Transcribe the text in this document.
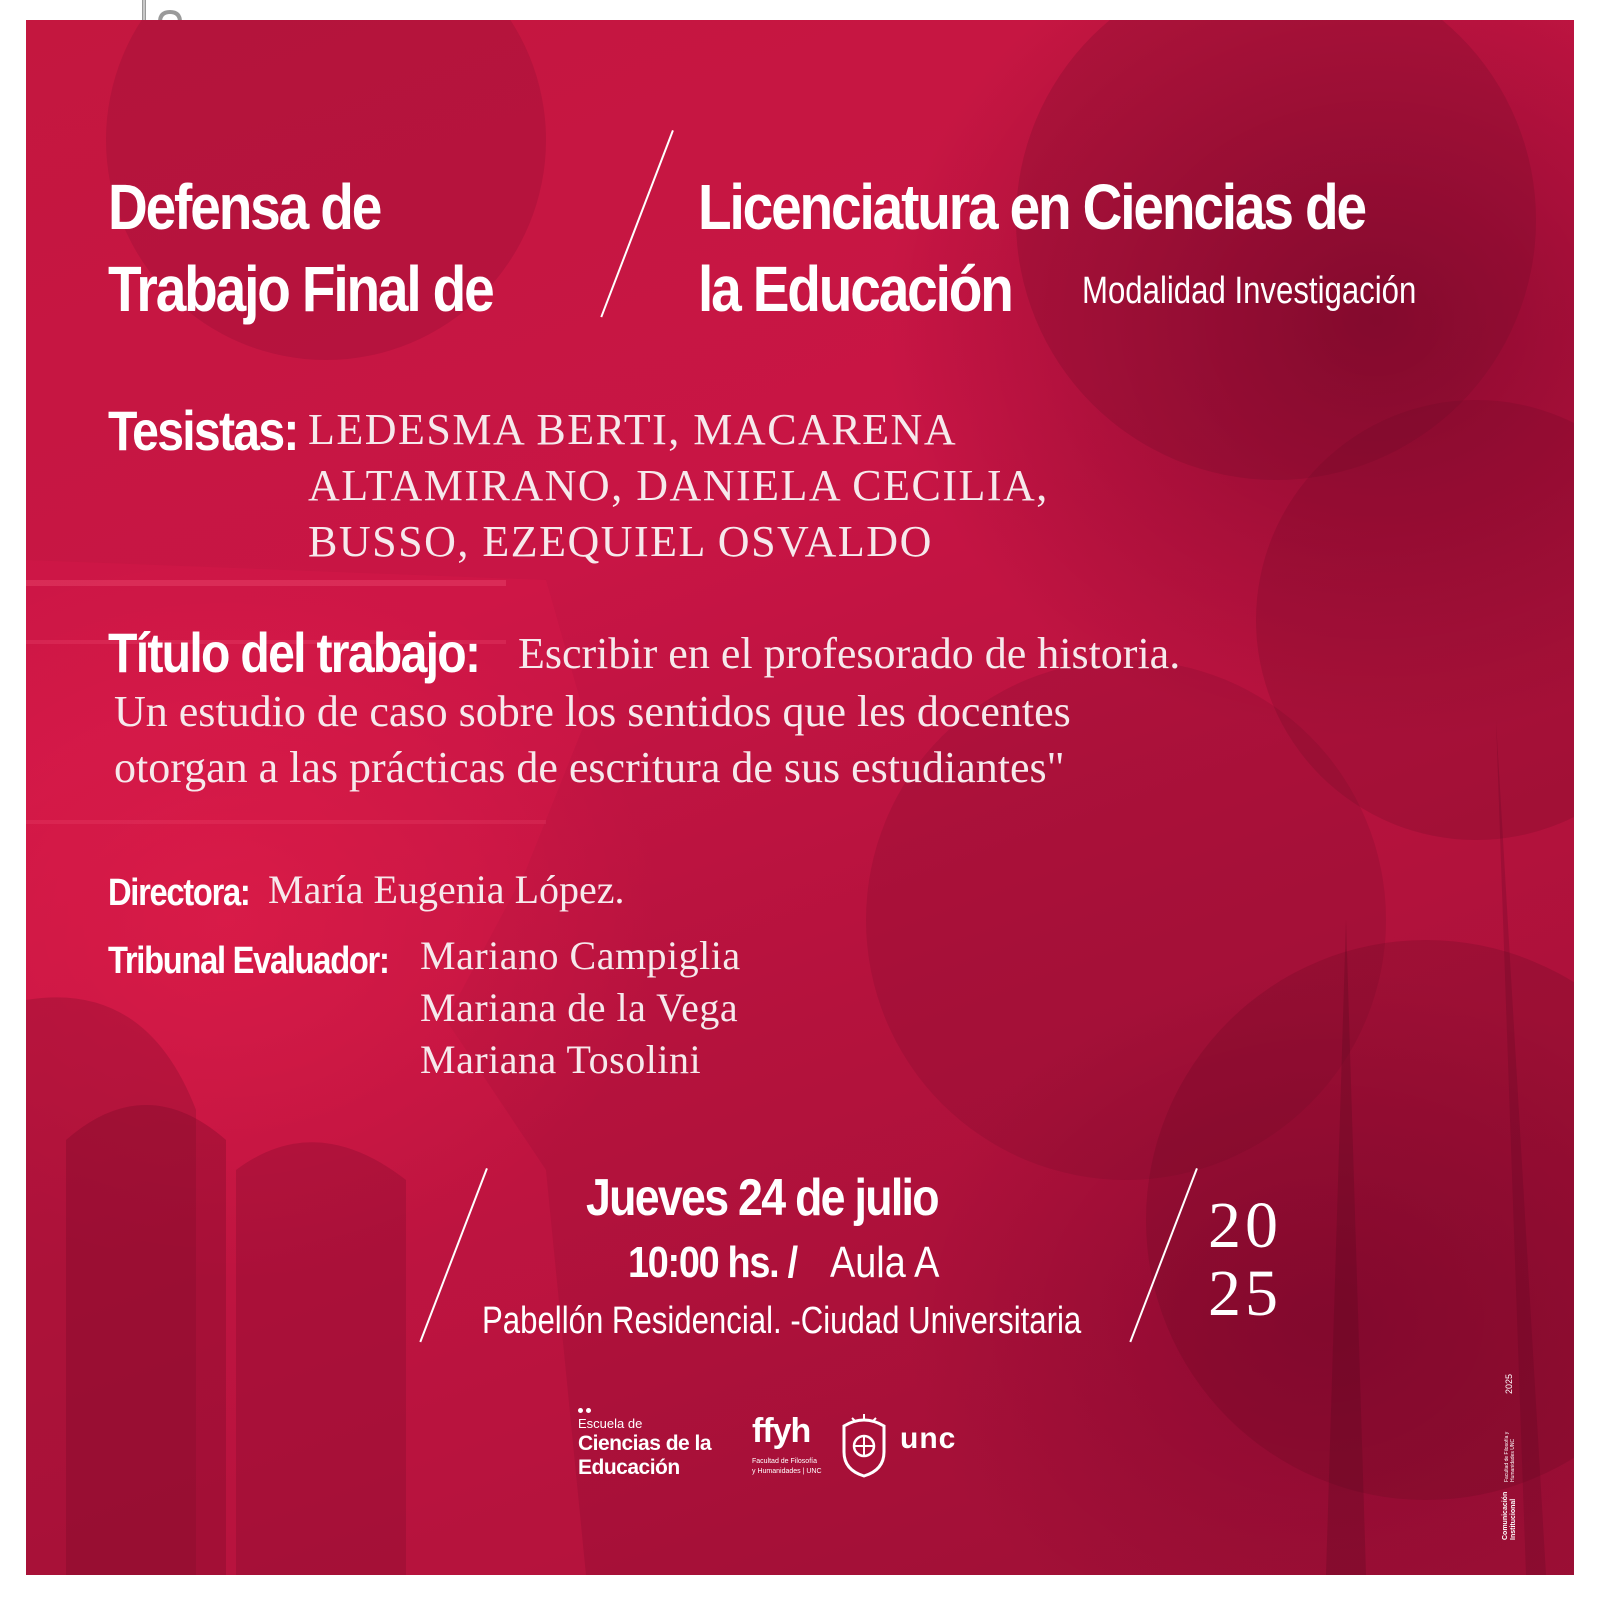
Defensa de
Trabajo Final de
Licenciatura en Ciencias de
la Educación Modalidad Investigación
Tesistas: LEDESMA BERTI, MACARENA
ALTAMIRANO, DANIELA CECILIA,
BUSSO, EZEQUIEL OSVALDO
Título del trabajo: Escribir en el profesorado de historia.
Un estudio de caso sobre los sentidos que les docentes
otorgan a las prácticas de escritura de sus estudiantes"
Directora: María Eugenia López.
Tribunal Evaluador: Mariano Campiglia
Mariana de la Vega
Mariana Tosolini
Jueves 24 de julio
10:00 hs. / Aula A
Pabellón Residencial. -Ciudad Universitaria
20
25
Escuela de
Ciencias de la
Educación
ffyh
Facultad de Filosofía
y Humanidades | UNC
unc
Comunicación Institucional
Facultad de Filosofía y Humanidades UNC
2025
